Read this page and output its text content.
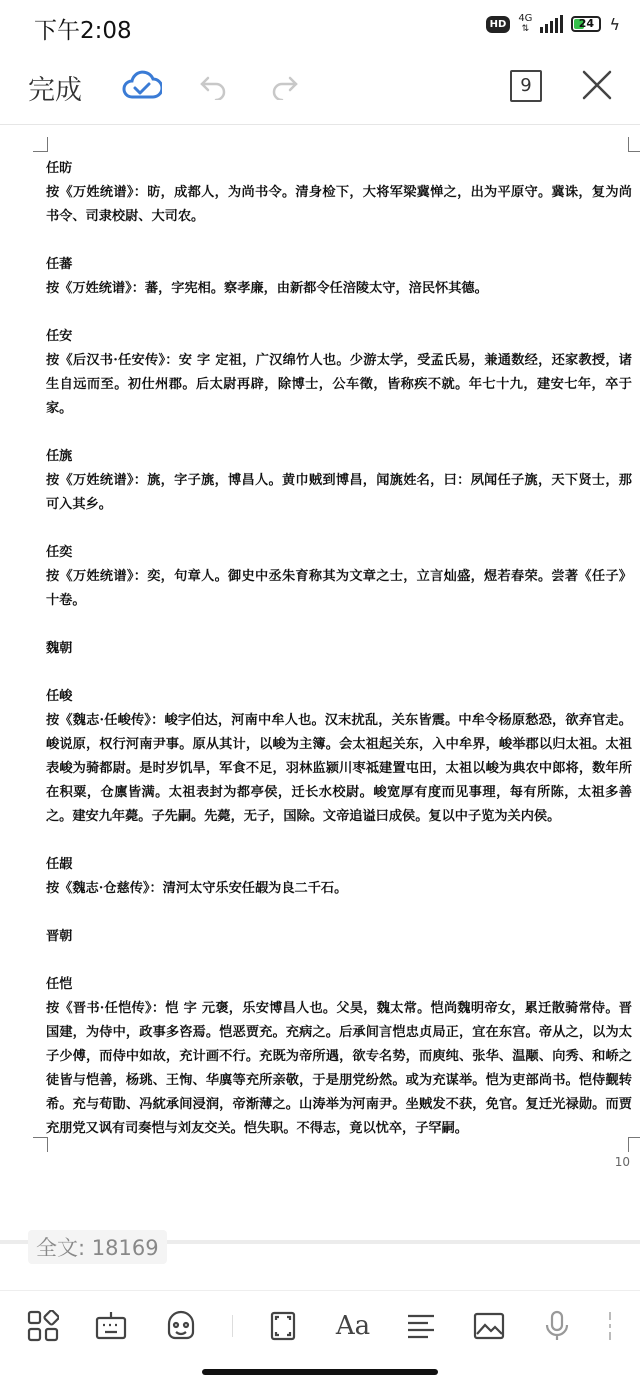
下午2:08	HD	4G
⇅	24 ϟ
完成	9
任昉
按《万姓统谱》：昉，成都人，为尚书令。清身检下，大将军梁冀惮之，出为平原守。冀诛，复为尚书令、司隶校尉、大司农。
任蕃
按《万姓统谱》：蕃，字宪相。察孝廉，由新都令任涪陵太守，涪民怀其德。
任安
按《后汉书·任安传》：安 字 定祖，广汉绵竹人也。少游太学，受孟氏易，兼通数经，还家教授，诸生自远而至。初仕州郡。后太尉再辟，除博士，公车徵，皆称疾不就。年七十九，建安七年，卒于家。
任旐
按《万姓统谱》：旐，字子旐，博昌人。黄巾贼到博昌，闻旐姓名，曰：夙闻任子旐，天下贤士，那可入其乡。
任奕
按《万姓统谱》：奕，句章人。御史中丞朱育称其为文章之士，立言灿盛，煜若春荣。尝著《任子》十卷。
魏朝
任峻
按《魏志·任峻传》：峻字伯达，河南中牟人也。汉末扰乱，关东皆震。中牟令杨原愁恐，欲弃官走。峻说原，权行河南尹事。原从其计，以峻为主簿。会太祖起关东，入中牟界，峻举郡以归太祖。太祖表峻为骑都尉。是时岁饥旱，军食不足，羽林监颍川枣祗建置屯田，太祖以峻为典农中郎将，数年所在积粟，仓廪皆满。太祖表封为都亭侯，迁长水校尉。峻宽厚有度而见事理，每有所陈，太祖多善之。建安九年薨。子先嗣。先薨，无子，国除。文帝追谥曰成侯。复以中子览为关内侯。
任嘏
按《魏志·仓慈传》：清河太守乐安任嘏为良二千石。
晋朝
任恺
按《晋书·任恺传》：恺 字 元褒，乐安博昌人也。父昊，魏太常。恺尚魏明帝女，累迁散骑常侍。晋国建，为侍中，政事多咨焉。恺恶贾充。充病之。后承间言恺忠贞局正，宜在东宫。帝从之，以为太子少傅，而侍中如故，充计画不行。充既为帝所遇，欲专名势，而庾纯、张华、温颙、向秀、和峤之徒皆与恺善，杨珧、王恂、华廙等充所亲敬，于是朋党纷然。或为充谋举。恺为吏部尚书。恺侍觐转希。充与荀勖、冯紞承间浸润，帝渐薄之。山涛举为河南尹。坐贼发不获，免官。复迁光禄勋。而贾充朋党又讽有司奏恺与刘友交关。恺失职。不得志，竟以忧卒，子罕嗣。
10
全文: 18169
Aa
